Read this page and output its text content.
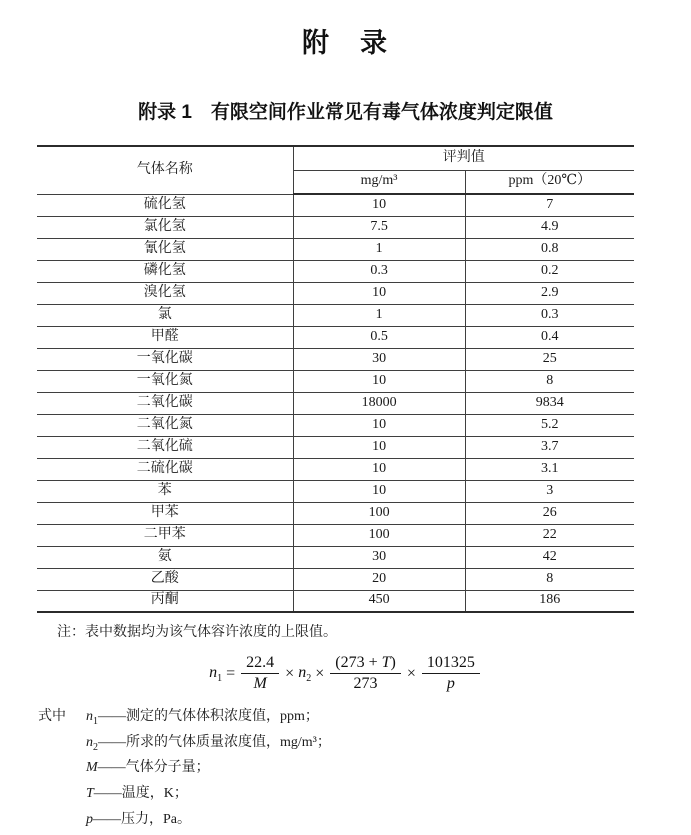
附　录
附录 1　有限空间作业常见有毒气体浓度判定限值
气体名称	评判值	
	mg/m³	ppm（20℃）
硫化氢	10	7
氯化氢	7.5	4.9
氰化氢	1	0.8
磷化氢	0.3	0.2
溴化氢	10	2.9
氯	1	0.3
甲醛	0.5	0.4
一氧化碳	30	25
一氧化氮	10	8
二氧化碳	18000	9834
二氧化氮	10	5.2
二氧化硫	10	3.7
二硫化碳	10	3.1
苯	10	3
甲苯	100	26
二甲苯	100	22
氨	30	42
乙酸	20	8
丙酮	450	186
注：表中数据均为该气体容许浓度的上限值。
$n_1 = \frac{22.4}{M} \times n_2 \times \frac{(273 + T)}{273} \times \frac{101325}{p}$
式中	$n_1——$测定的气体体积浓度值，ppm；
$n_2——$所求的气体质量浓度值，mg/m³；
M——气体分子量；
T——温度，K；
p——压力，Pa。
